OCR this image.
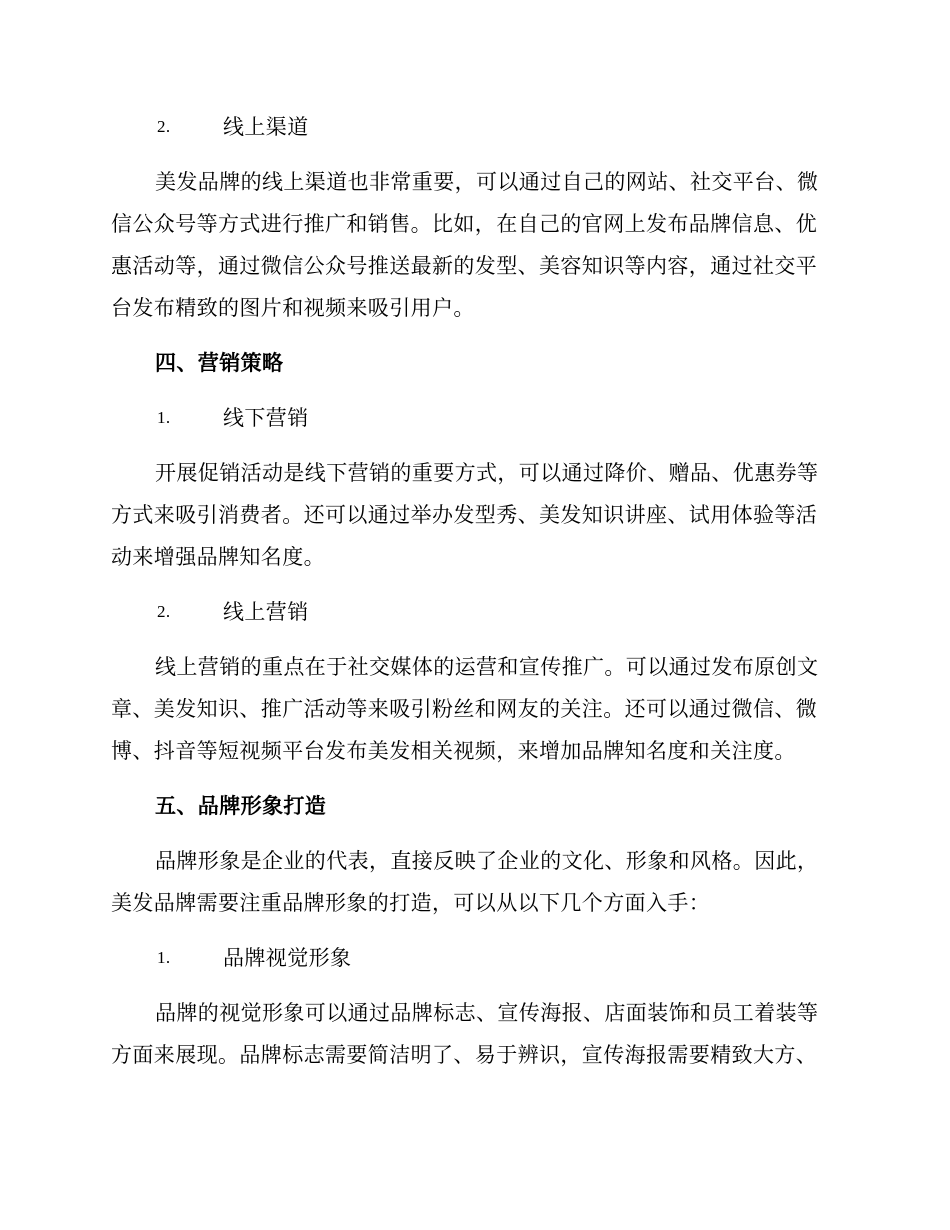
2. 线上渠道
美发品牌的线上渠道也非常重要，可以通过自己的网站、社交平台、微
信公众号等方式进行推广和销售。比如，在自己的官网上发布品牌信息、优
惠活动等，通过微信公众号推送最新的发型、美容知识等内容，通过社交平
台发布精致的图片和视频来吸引用户。
四、营销策略
1. 线下营销
开展促销活动是线下营销的重要方式，可以通过降价、赠品、优惠券等
方式来吸引消费者。还可以通过举办发型秀、美发知识讲座、试用体验等活
动来增强品牌知名度。
2. 线上营销
线上营销的重点在于社交媒体的运营和宣传推广。可以通过发布原创文
章、美发知识、推广活动等来吸引粉丝和网友的关注。还可以通过微信、微
博、抖音等短视频平台发布美发相关视频，来增加品牌知名度和关注度。
五、品牌形象打造
品牌形象是企业的代表，直接反映了企业的文化、形象和风格。因此，
美发品牌需要注重品牌形象的打造，可以从以下几个方面入手：
1. 品牌视觉形象
品牌的视觉形象可以通过品牌标志、宣传海报、店面装饰和员工着装等
方面来展现。品牌标志需要简洁明了、易于辨识，宣传海报需要精致大方、
